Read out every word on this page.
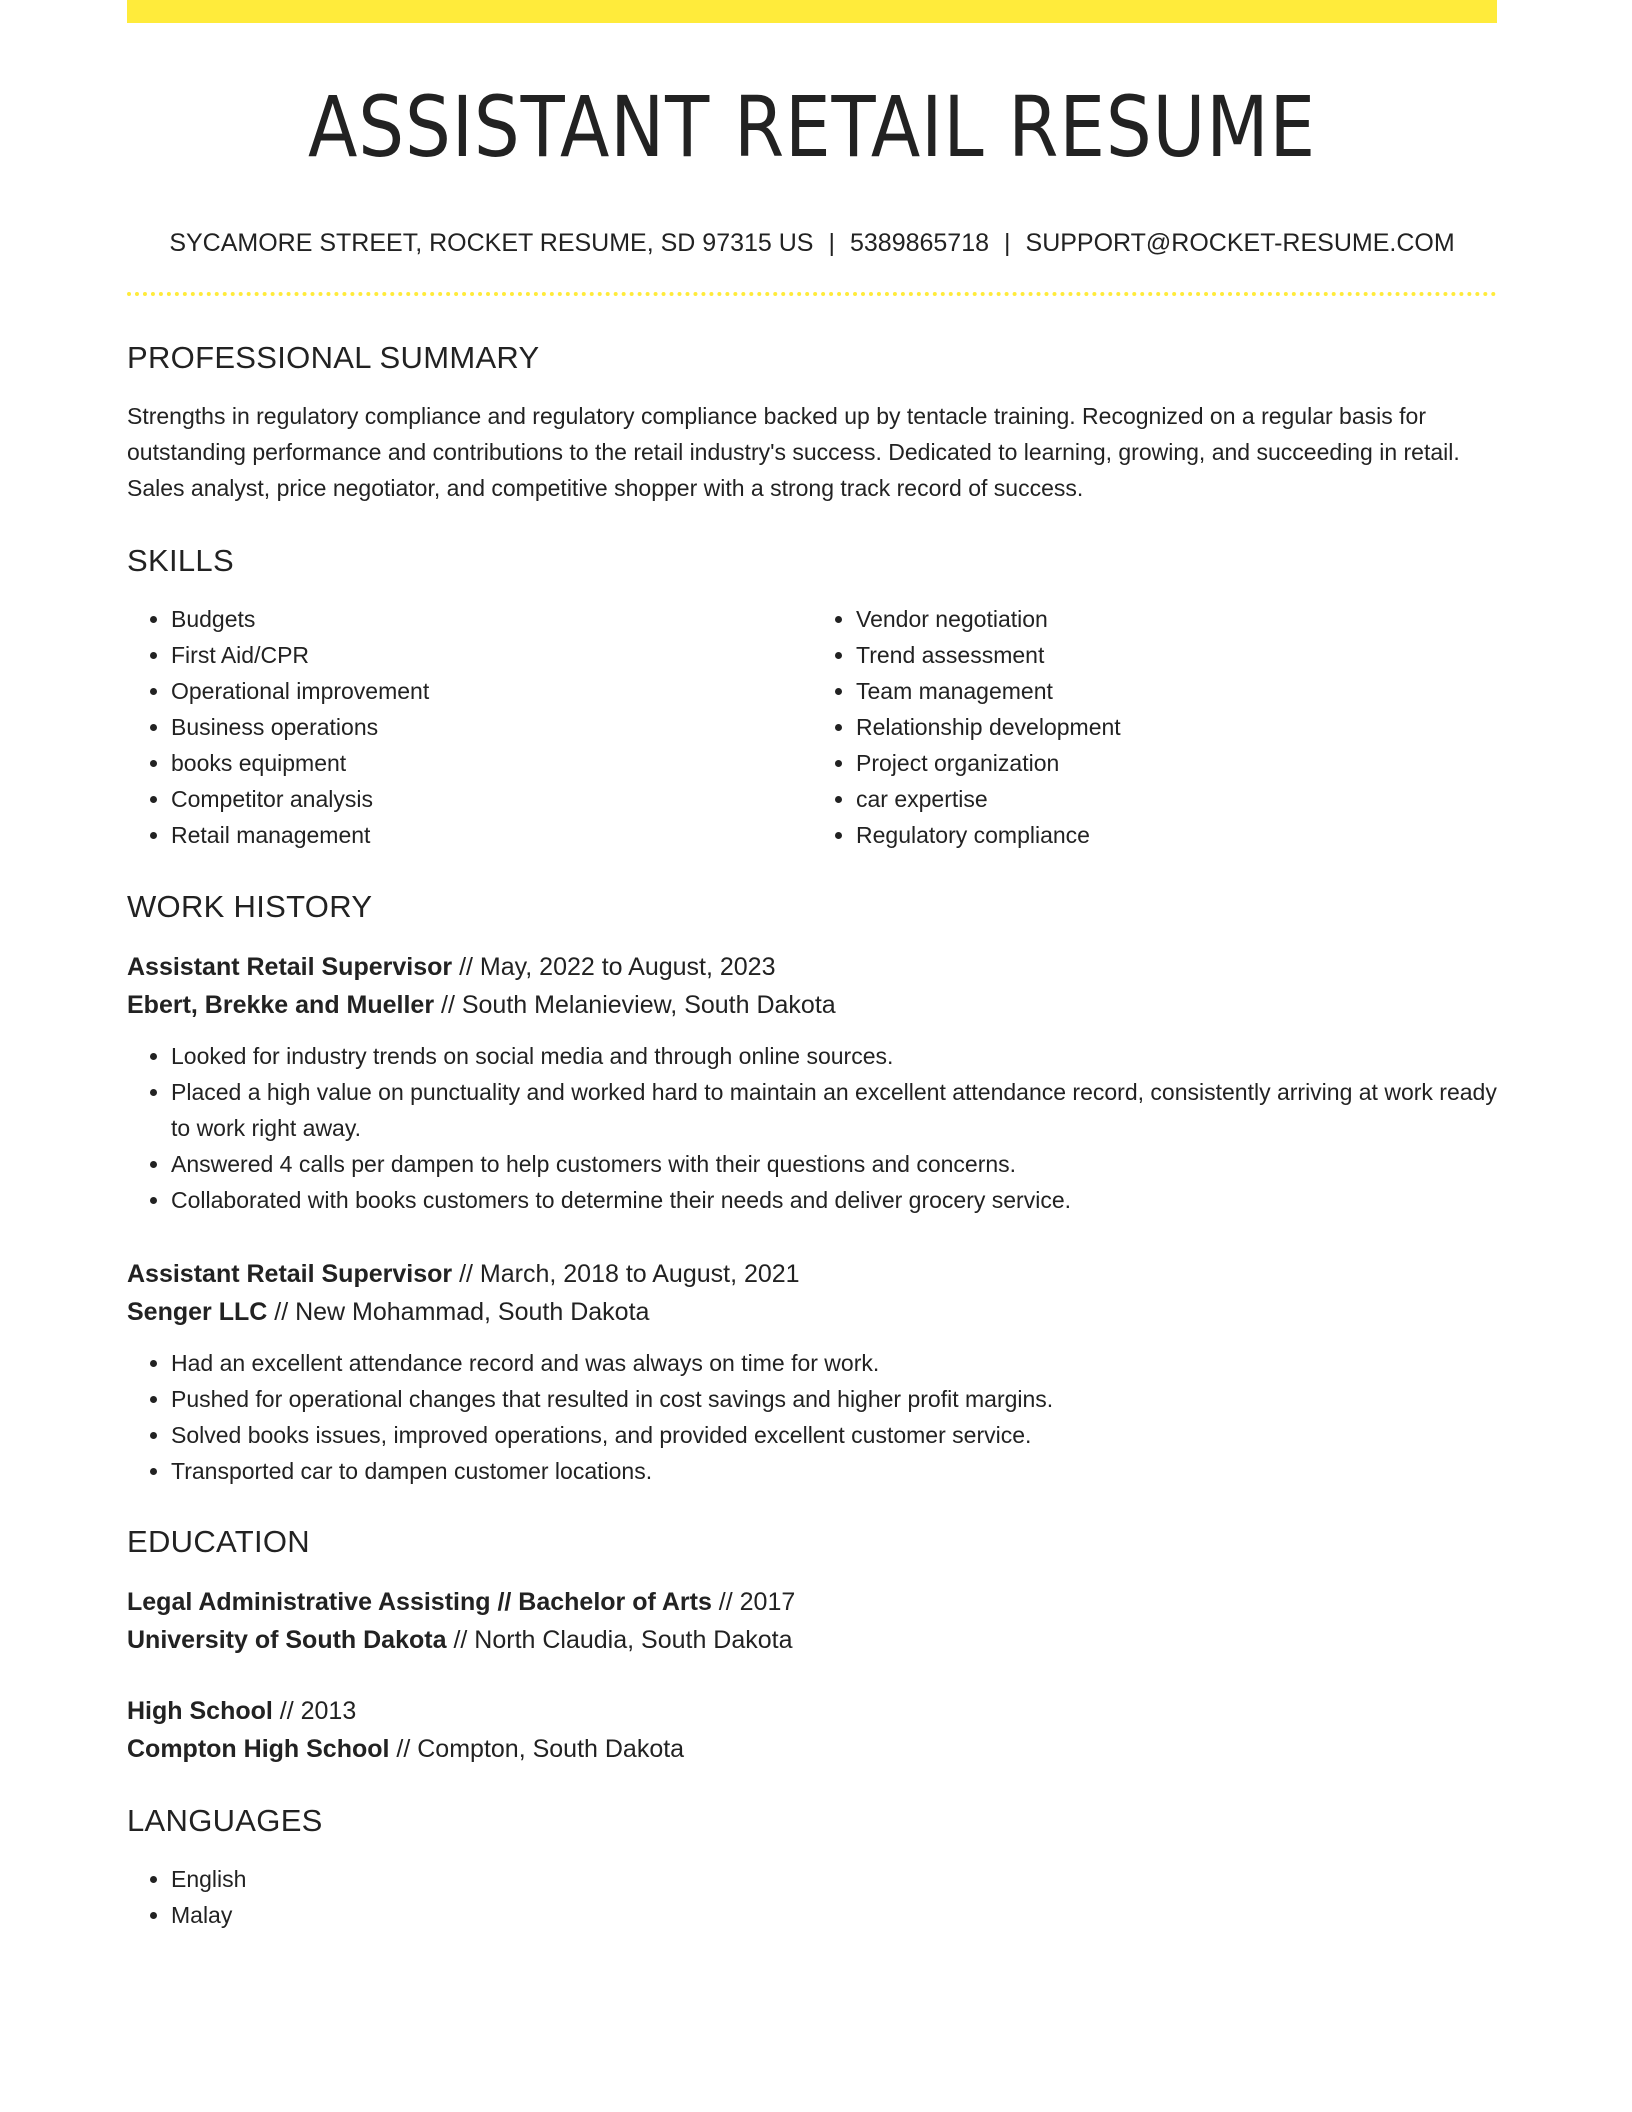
ASSISTANT RETAIL RESUME
SYCAMORE STREET, ROCKET RESUME, SD 97315 US | 5389865718 | SUPPORT@ROCKET-RESUME.COM
PROFESSIONAL SUMMARY
Strengths in regulatory compliance and regulatory compliance backed up by tentacle training. Recognized on a regular basis for outstanding performance and contributions to the retail industry's success. Dedicated to learning, growing, and succeeding in retail. Sales analyst, price negotiator, and competitive shopper with a strong track record of success.
SKILLS
• Budgets
• First Aid/CPR
• Operational improvement
• Business operations
• books equipment
• Competitor analysis
• Retail management
• Vendor negotiation
• Trend assessment
• Team management
• Relationship development
• Project organization
• car expertise
• Regulatory compliance
WORK HISTORY
Assistant Retail Supervisor // May, 2022 to August, 2023
Ebert, Brekke and Mueller // South Melanieview, South Dakota
• Looked for industry trends on social media and through online sources.
• Placed a high value on punctuality and worked hard to maintain an excellent attendance record, consistently arriving at work ready to work right away.
• Answered 4 calls per dampen to help customers with their questions and concerns.
• Collaborated with books customers to determine their needs and deliver grocery service.
Assistant Retail Supervisor // March, 2018 to August, 2021
Senger LLC // New Mohammad, South Dakota
• Had an excellent attendance record and was always on time for work.
• Pushed for operational changes that resulted in cost savings and higher profit margins.
• Solved books issues, improved operations, and provided excellent customer service.
• Transported car to dampen customer locations.
EDUCATION
Legal Administrative Assisting // Bachelor of Arts // 2017
University of South Dakota // North Claudia, South Dakota
High School // 2013
Compton High School // Compton, South Dakota
LANGUAGES
• English
• Malay
